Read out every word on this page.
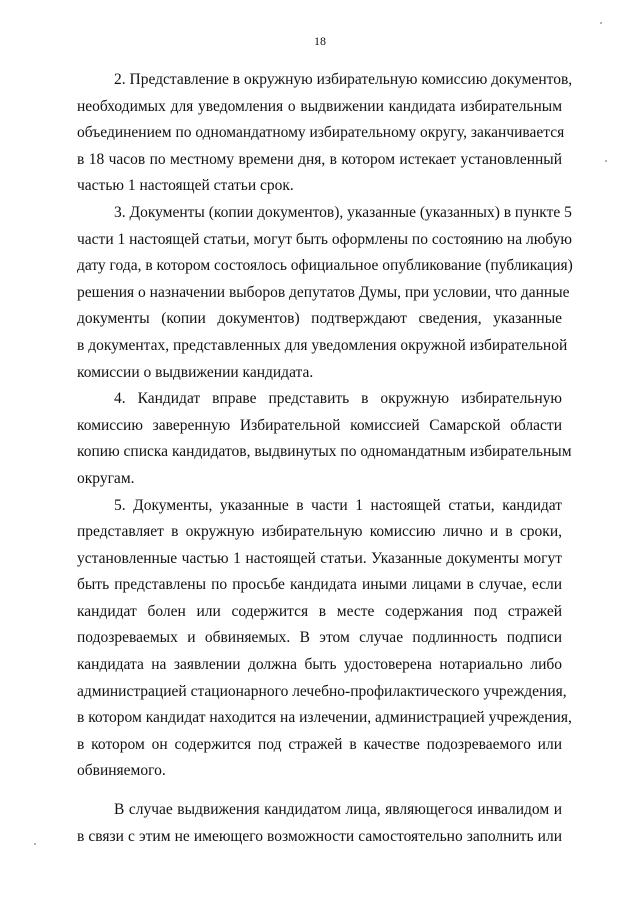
18
2. Представление в окружную избирательную комиссию документов,
необходимых для уведомления о выдвижении кандидата избирательным
объединением по одномандатному избирательному округу, заканчивается
в 18 часов по местному времени дня, в котором истекает установленный
частью 1 настоящей статьи срок.
3. Документы (копии документов), указанные (указанных) в пункте 5
части 1 настоящей статьи, могут быть оформлены по состоянию на любую
дату года, в котором состоялось официальное опубликование (публикация)
решения о назначении выборов депутатов Думы, при условии, что данные
документы (копии документов) подтверждают сведения, указанные
в документах, представленных для уведомления окружной избирательной
комиссии о выдвижении кандидата.
4. Кандидат вправе представить в окружную избирательную
комиссию заверенную Избирательной комиссией Самарской области
копию списка кандидатов, выдвинутых по одномандатным избирательным
округам.
5. Документы, указанные в части 1 настоящей статьи, кандидат
представляет в окружную избирательную комиссию лично и в сроки,
установленные частью 1 настоящей статьи. Указанные документы могут
быть представлены по просьбе кандидата иными лицами в случае, если
кандидат болен или содержится в месте содержания под стражей
подозреваемых и обвиняемых. В этом случае подлинность подписи
кандидата на заявлении должна быть удостоверена нотариально либо
администрацией стационарного лечебно-профилактического учреждения,
в котором кандидат находится на излечении, администрацией учреждения,
в котором он содержится под стражей в качестве подозреваемого или
обвиняемого.
В случае выдвижения кандидатом лица, являющегося инвалидом и
в связи с этим не имеющего возможности самостоятельно заполнить или
